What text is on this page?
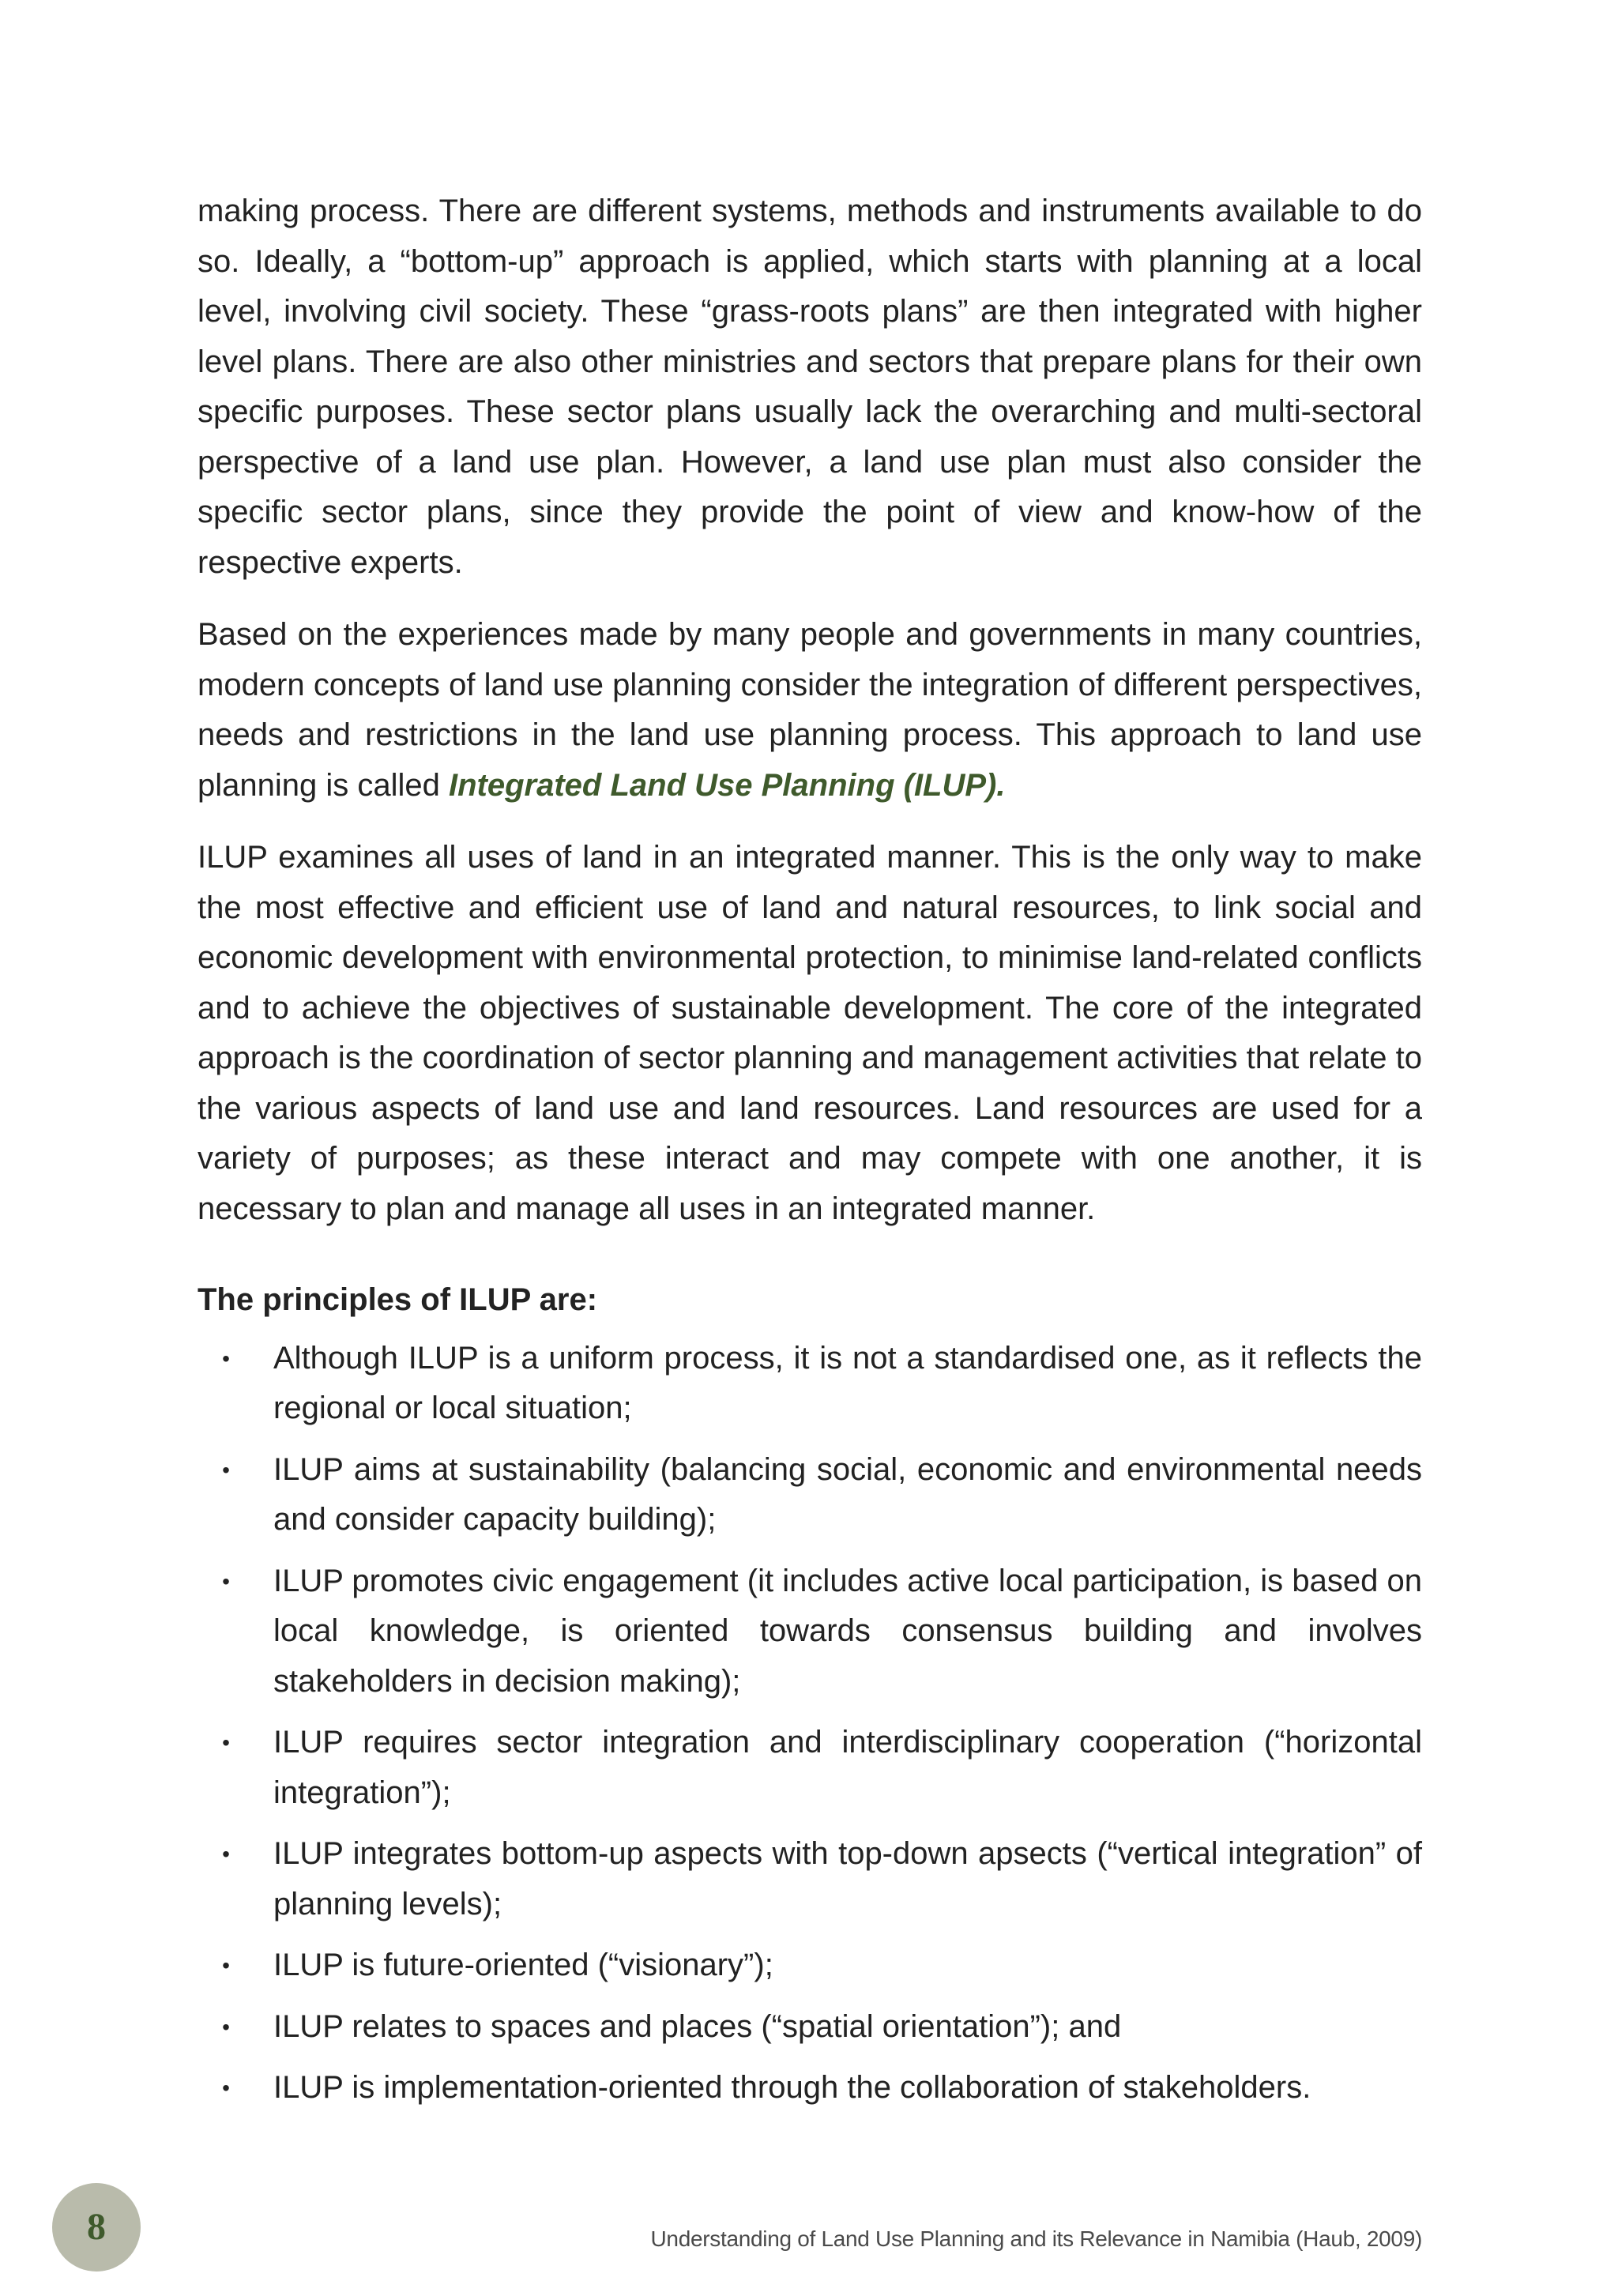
making process. There are different systems, methods and instruments available to do so. Ideally, a “bottom-up” approach is applied, which starts with planning at a local level, involving civil society. These “grass-roots plans” are then integrated with higher level plans. There are also other ministries and sectors that prepare plans for their own specific purposes. These sector plans usually lack the overarching and multi-sectoral perspective of a land use plan. However, a land use plan must also consider the specific sector plans, since they provide the point of view and know-how of the respective experts.

Based on the experiences made by many people and governments in many countries, modern concepts of land use planning consider the integration of different perspectives, needs and restrictions in the land use planning process. This approach to land use planning is called Integrated Land Use Planning (ILUP).

ILUP examines all uses of land in an integrated manner. This is the only way to make the most effective and efficient use of land and natural resources, to link social and economic development with environmental protection, to minimise land-related conflicts and to achieve the objectives of sustainable development. The core of the integrated approach is the coordination of sector planning and management activities that relate to the various aspects of land use and land resources. Land resources are used for a variety of purposes; as these interact and may compete with one another, it is necessary to plan and manage all uses in an integrated manner.

The principles of ILUP are:
• Although ILUP is a uniform process, it is not a standardised one, as it reflects the regional or local situation;
• ILUP aims at sustainability (balancing social, economic and environmental needs and consider capacity building);
• ILUP promotes civic engagement (it includes active local participation, is based on local knowledge, is oriented towards consensus building and involves stakeholders in decision making);
• ILUP requires sector integration and interdisciplinary cooperation (“horizontal integration”);
• ILUP integrates bottom-up aspects with top-down apsects (“vertical integration” of planning levels);
• ILUP is future-oriented (“visionary”);
• ILUP relates to spaces and places (“spatial orientation”); and
• ILUP is implementation-oriented through the collaboration of stakeholders.
8	Understanding of Land Use Planning and its Relevance in Namibia (Haub, 2009)
